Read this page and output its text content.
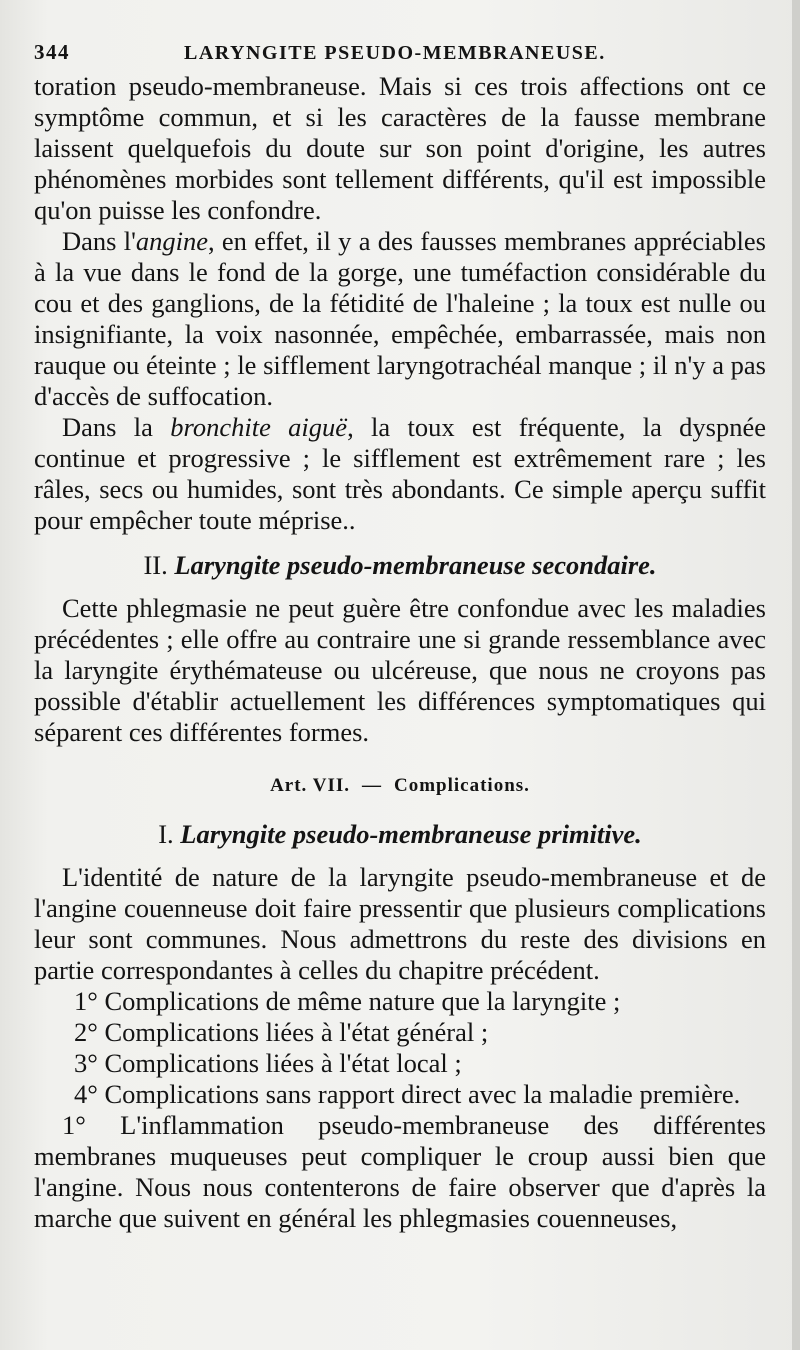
344	LARYNGITE PSEUDO-MEMBRANEUSE.

toration pseudo-membraneuse. Mais si ces trois affections ont ce symptôme commun, et si les caractères de la fausse membrane laissent quelquefois du doute sur son point d'origine, les autres phénomènes morbides sont tellement différents, qu'il est impossible qu'on puisse les confondre.

Dans l'angine, en effet, il y a des fausses membranes appréciables à la vue dans le fond de la gorge, une tuméfaction considérable du cou et des ganglions, de la fétidité de l'haleine ; la toux est nulle ou insignifiante, la voix nasonnée, empêchée, embarrassée, mais non rauque ou éteinte ; le sifflement laryngotrachéal manque ; il n'y a pas d'accès de suffocation.

Dans la bronchite aiguë, la toux est fréquente, la dyspnée continue et progressive ; le sifflement est extrêmement rare ; les râles, secs ou humides, sont très abondants. Ce simple aperçu suffit pour empêcher toute méprise..

II. Laryngite pseudo-membraneuse secondaire.

Cette phlegmasie ne peut guère être confondue avec les maladies précédentes ; elle offre au contraire une si grande ressemblance avec la laryngite érythémateuse ou ulcéreuse, que nous ne croyons pas possible d'établir actuellement les différences symptomatiques qui séparent ces différentes formes.

Art. VII. — Complications.
I. Laryngite pseudo-membraneuse primitive.

L'identité de nature de la laryngite pseudo-membraneuse et de l'angine couenneuse doit faire pressentir que plusieurs complications leur sont communes. Nous admettrons du reste des divisions en partie correspondantes à celles du chapitre précédent.

1° Complications de même nature que la laryngite ;

2° Complications liées à l'état général ;

3° Complications liées à l'état local ;

4° Complications sans rapport direct avec la maladie première.

1° L'inflammation pseudo-membraneuse des différentes membranes muqueuses peut compliquer le croup aussi bien que l'angine. Nous nous contenterons de faire observer que d'après la marche que suivent en général les phlegmasies couenneuses,
